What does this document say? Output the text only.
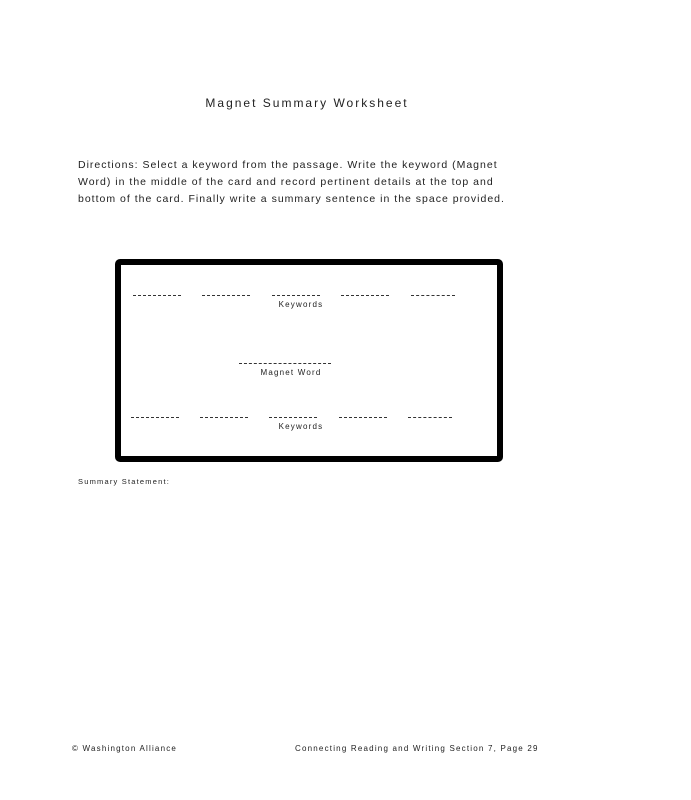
Magnet Summary Worksheet

Directions: Select a keyword from the passage. Write the keyword (Magnet Word) in the middle of the card and record pertinent details at the top and bottom of the card. Finally write a summary sentence in the space provided.

Keywords
Magnet Word
Keywords
Summary Statement:
© Washington Alliance	Connecting Reading and Writing Section 7, Page 29
